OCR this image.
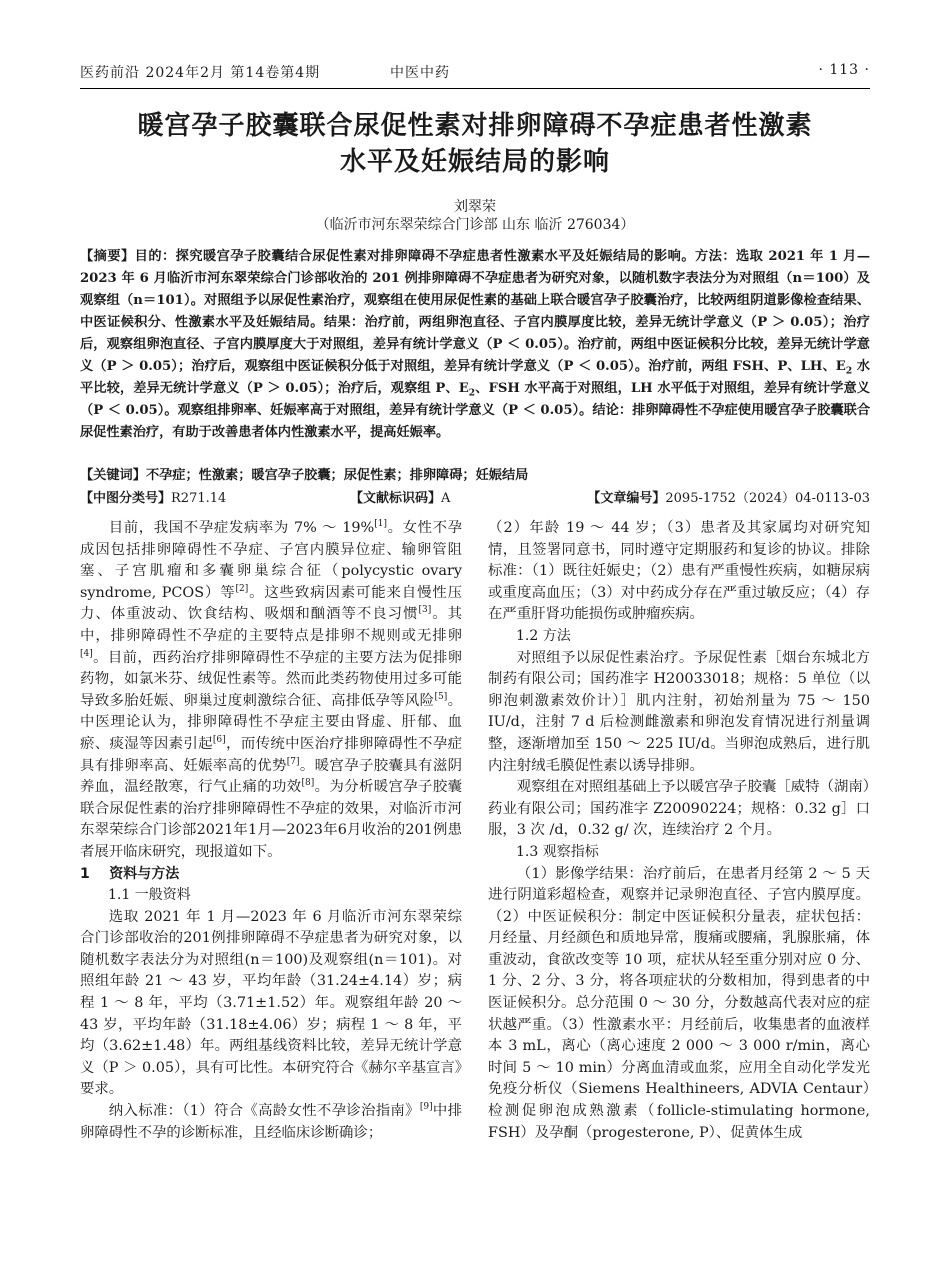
医药前沿 2024年2月 第14卷第4期	中医中药	· 113 ·
暖宫孕子胶囊联合尿促性素对排卵障碍不孕症患者性激素
水平及妊娠结局的影响
刘翠荣
（临沂市河东翠荣综合门诊部 山东 临沂 276034）
【摘要】目的：探究暖宫孕子胶囊结合尿促性素对排卵障碍不孕症患者性激素水平及妊娠结局的影响。方法：选取 2021 年 1 月—2023 年 6 月临沂市河东翠荣综合门诊部收治的 201 例排卵障碍不孕症患者为研究对象，以随机数字表法分为对照组（n＝100）及观察组（n＝101）。对照组予以尿促性素治疗，观察组在使用尿促性素的基础上联合暖宫孕子胶囊治疗，比较两组阴道影像检查结果、中医证候积分、性激素水平及妊娠结局。结果：治疗前，两组卵泡直径、子宫内膜厚度比较，差异无统计学意义（P ＞ 0.05）；治疗后，观察组卵泡直径、子宫内膜厚度大于对照组，差异有统计学意义（P ＜ 0.05）。治疗前，两组中医证候积分比较，差异无统计学意义（P ＞ 0.05）；治疗后，观察组中医证候积分低于对照组，差异有统计学意义（P ＜ 0.05）。治疗前，两组 FSH、P、LH、$E_2$ 水平比较，差异无统计学意义（P ＞ 0.05）；治疗后，观察组 P、$E_2$、FSH 水平高于对照组，LH 水平低于对照组，差异有统计学意义（P ＜ 0.05）。观察组排卵率、妊娠率高于对照组，差异有统计学意义（P ＜ 0.05）。结论：排卵障碍性不孕症使用暖宫孕子胶囊联合尿促性素治疗，有助于改善患者体内性激素水平，提高妊娠率。
【关键词】不孕症；性激素；暖宫孕子胶囊；尿促性素；排卵障碍；妊娠结局
【中图分类号】R271.14	【文献标识码】A	【文章编号】2095-1752（2024）04-0113-03

目前，我国不孕症发病率为 7% ～ 19%[1]。女性不孕成因包括排卵障碍性不孕症、子宫内膜异位症、输卵管阻塞、子宫肌瘤和多囊卵巢综合征（polycystic ovary syndrome, PCOS）等[2]。这些致病因素可能来自慢性压力、体重波动、饮食结构、吸烟和酗酒等不良习惯[3]。其中，排卵障碍性不孕症的主要特点是排卵不规则或无排卵[4]。目前，西药治疗排卵障碍性不孕症的主要方法为促排卵药物，如氯米芬、绒促性素等。然而此类药物使用过多可能导致多胎妊娠、卵巢过度刺激综合征、高排低孕等风险[5]。中医理论认为，排卵障碍性不孕症主要由肾虚、肝郁、血瘀、痰湿等因素引起[6]，而传统中医治疗排卵障碍性不孕症具有排卵率高、妊娠率高的优势[7]。暖宫孕子胶囊具有滋阴养血，温经散寒，行气止痛的功效[8]。为分析暖宫孕子胶囊联合尿促性素的治疗排卵障碍性不孕症的效果，对临沂市河东翠荣综合门诊部2021年1月—2023年6月收治的201例患者展开临床研究，现报道如下。

1 资料与方法

1.1 一般资料

选取 2021 年 1 月—2023 年 6 月临沂市河东翠荣综合门诊部收治的201例排卵障碍不孕症患者为研究对象，以随机数字表法分为对照组(n＝100)及观察组(n＝101)。对照组年龄 21 ～ 43 岁，平均年龄（31.24±4.14）岁；病程 1 ～ 8 年，平均（3.71±1.52）年。观察组年龄 20 ～ 43 岁，平均年龄（31.18±4.06）岁；病程 1 ～ 8 年，平均（3.62±1.48）年。两组基线资料比较，差异无统计学意义（P ＞ 0.05），具有可比性。本研究符合《赫尔辛基宣言》要求。

纳入标准：（1）符合《高龄女性不孕诊治指南》[9]中排卵障碍性不孕的诊断标准，且经临床诊断确诊；

（2）年龄 19 ～ 44 岁；（3）患者及其家属均对研究知情，且签署同意书，同时遵守定期服药和复诊的协议。排除标准：（1）既往妊娠史；（2）患有严重慢性疾病，如糖尿病或重度高血压；（3）对中药成分存在严重过敏反应；（4）存在严重肝肾功能损伤或肿瘤疾病。

1.2 方法

对照组予以尿促性素治疗。予尿促性素［烟台东城北方制药有限公司；国药准字 H20033018；规格：5 单位（以卵泡刺激素效价计）］肌内注射，初始剂量为 75 ～ 150 IU/d，注射 7 d 后检测雌激素和卵泡发育情况进行剂量调整，逐渐增加至 150 ～ 225 IU/d。当卵泡成熟后，进行肌内注射绒毛膜促性素以诱导排卵。

观察组在对照组基础上予以暖宫孕子胶囊［威特（湖南）药业有限公司；国药准字 Z20090224；规格：0.32 g］口服，3 次 /d，0.32 g/ 次，连续治疗 2 个月。

1.3 观察指标

（1）影像学结果：治疗前后，在患者月经第 2 ～ 5 天进行阴道彩超检查，观察并记录卵泡直径、子宫内膜厚度。（2）中医证候积分：制定中医证候积分量表，症状包括：月经量、月经颜色和质地异常，腹痛或腰痛，乳腺胀痛，体重波动，食欲改变等 10 项，症状从轻至重分别对应 0 分、1 分、2 分、3 分，将各项症状的分数相加，得到患者的中医证候积分。总分范围 0 ～ 30 分，分数越高代表对应的症状越严重。（3）性激素水平：月经前后，收集患者的血液样本 3 mL，离心（离心速度 2 000 ～ 3 000 r/min，离心时间 5 ～ 10 min）分离血清或血浆，应用全自动化学发光免疫分析仪（Siemens Healthineers, ADVIA Centaur）检测促卵泡成熟激素（follicle-stimulating hormone, FSH）及孕酮（progesterone, P）、促黄体生成
